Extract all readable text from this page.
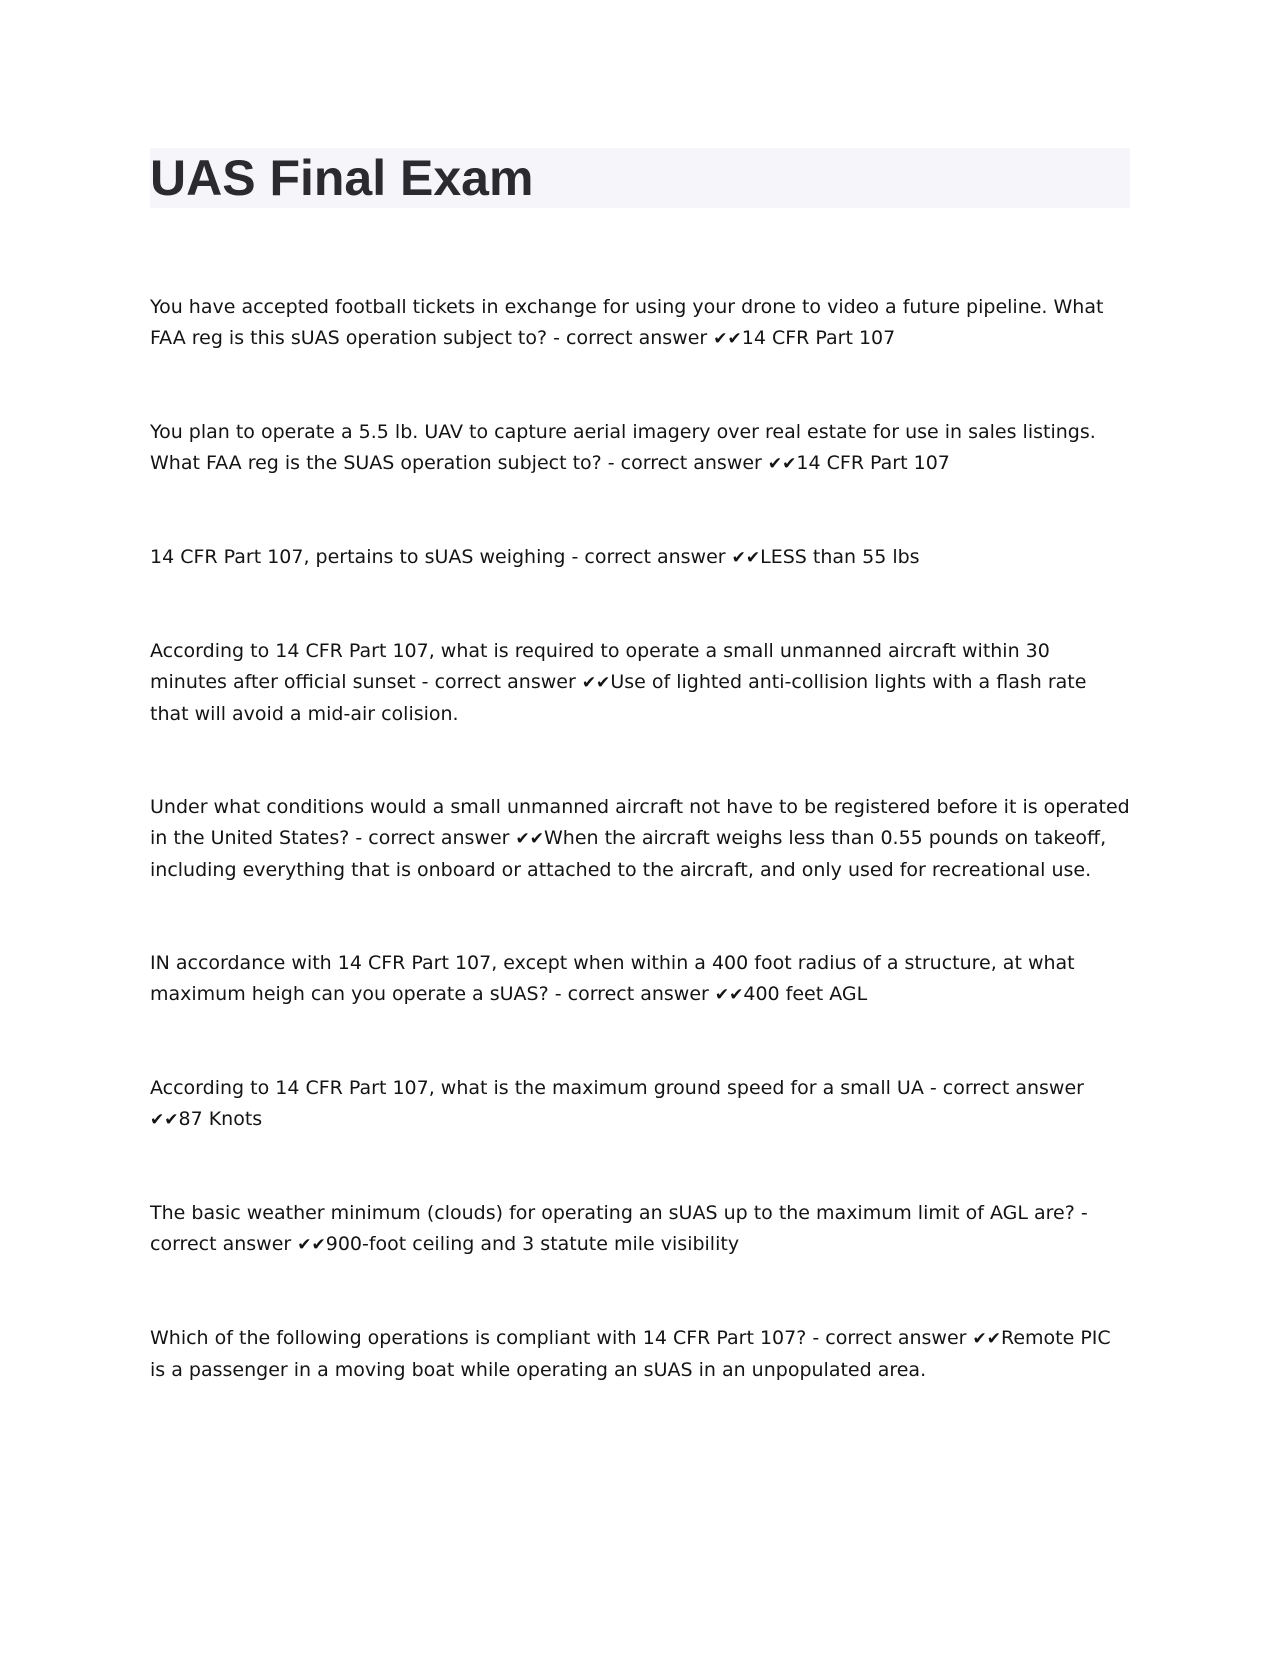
UAS Final Exam

You have accepted football tickets in exchange for using your drone to video a future pipeline. What FAA reg is this sUAS operation subject to? - correct answer ✔✔14 CFR Part 107

You plan to operate a 5.5 lb. UAV to capture aerial imagery over real estate for use in sales listings. What FAA reg is the SUAS operation subject to? - correct answer ✔✔14 CFR Part 107

14 CFR Part 107, pertains to sUAS weighing - correct answer ✔✔LESS than 55 lbs

According to 14 CFR Part 107, what is required to operate a small unmanned aircraft within 30 minutes after official sunset - correct answer ✔✔Use of lighted anti-collision lights with a flash rate that will avoid a mid-air colision.

Under what conditions would a small unmanned aircraft not have to be registered before it is operated in the United States? - correct answer ✔✔When the aircraft weighs less than 0.55 pounds on takeoff, including everything that is onboard or attached to the aircraft, and only used for recreational use.

IN accordance with 14 CFR Part 107, except when within a 400 foot radius of a structure, at what maximum heigh can you operate a sUAS? - correct answer ✔✔400 feet AGL

According to 14 CFR Part 107, what is the maximum ground speed for a small UA - correct answer ✔✔87 Knots

The basic weather minimum (clouds) for operating an sUAS up to the maximum limit of AGL are? - correct answer ✔✔900-foot ceiling and 3 statute mile visibility

Which of the following operations is compliant with 14 CFR Part 107? - correct answer ✔✔Remote PIC is a passenger in a moving boat while operating an sUAS in an unpopulated area.
